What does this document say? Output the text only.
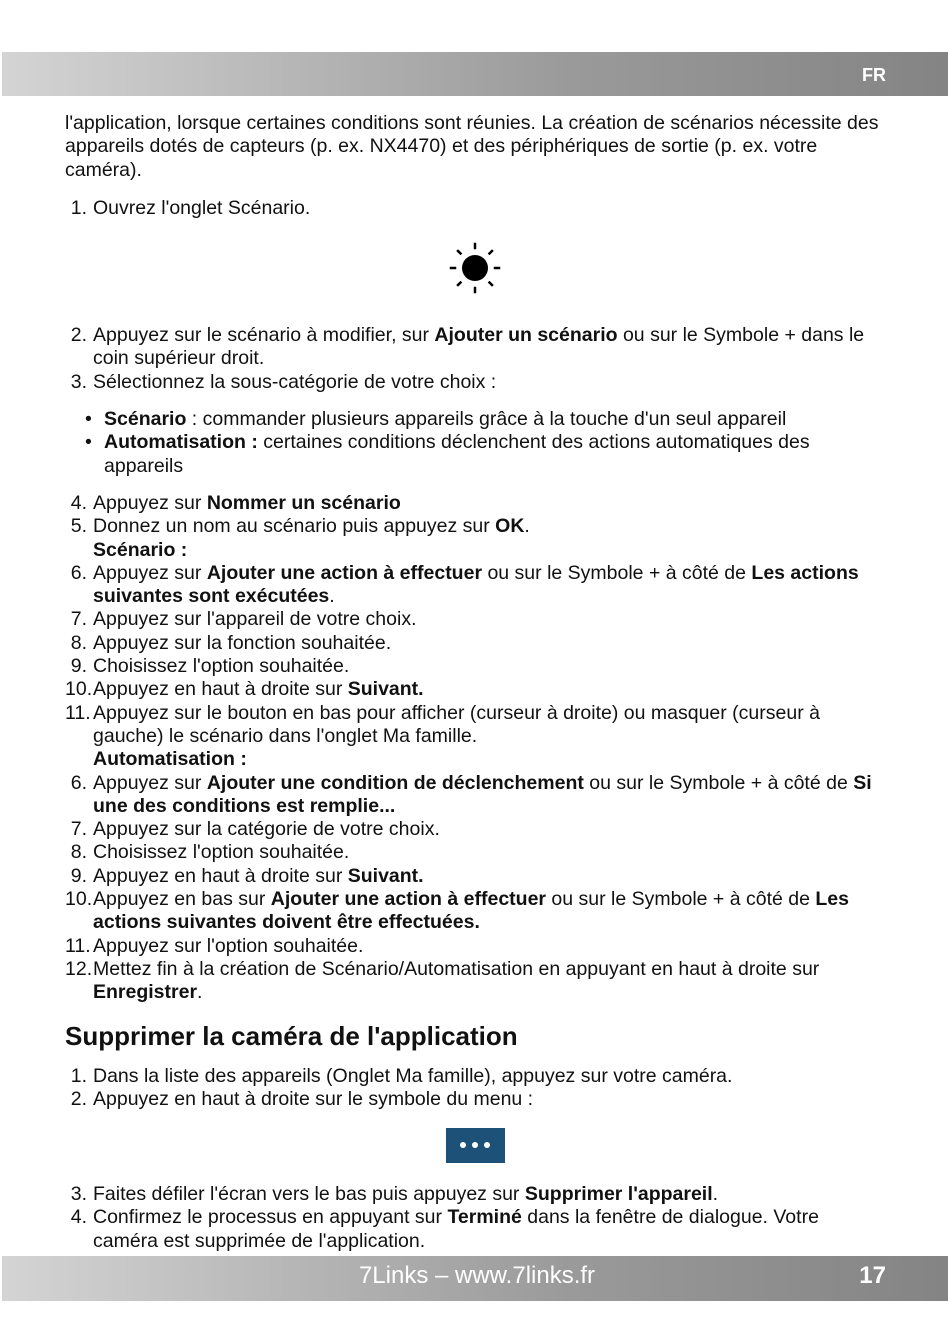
FR

l'application, lorsque certaines conditions sont réunies. La création de scénarios nécessite des appareils dotés de capteurs (p. ex. NX4470) et des périphériques de sortie (p. ex. votre caméra).

1. Ouvrez l'onglet Scénario.
2. Appuyez sur le scénario à modifier, sur Ajouter un scénario ou sur le Symbole + dans le coin supérieur droit.
3. Sélectionnez la sous-catégorie de votre choix :
• Scénario : commander plusieurs appareils grâce à la touche d'un seul appareil
• Automatisation : certaines conditions déclenchent des actions automatiques des appareils
4. Appuyez sur Nommer un scénario
5. Donnez un nom au scénario puis appuyez sur OK.
Scénario :
6. Appuyez sur Ajouter une action à effectuer ou sur le Symbole + à côté de Les actions suivantes sont exécutées.
7. Appuyez sur l'appareil de votre choix.
8. Appuyez sur la fonction souhaitée.
9. Choisissez l'option souhaitée.
10. Appuyez en haut à droite sur Suivant.
11. Appuyez sur le bouton en bas pour afficher (curseur à droite) ou masquer (curseur à gauche) le scénario dans l'onglet Ma famille.
Automatisation :
6. Appuyez sur Ajouter une condition de déclenchement ou sur le Symbole + à côté de Si une des conditions est remplie...
7. Appuyez sur la catégorie de votre choix.
8. Choisissez l'option souhaitée.
9. Appuyez en haut à droite sur Suivant.
10. Appuyez en bas sur Ajouter une action à effectuer ou sur le Symbole + à côté de Les actions suivantes doivent être effectuées.
11. Appuyez sur l'option souhaitée.
12. Mettez fin à la création de Scénario/Automatisation en appuyant en haut à droite sur Enregistrer.
Supprimer la caméra de l'application
1. Dans la liste des appareils (Onglet Ma famille), appuyez sur votre caméra.
2. Appuyez en haut à droite sur le symbole du menu :
3. Faites défiler l'écran vers le bas puis appuyez sur Supprimer l'appareil.
4. Confirmez le processus en appuyant sur Terminé dans la fenêtre de dialogue. Votre caméra est supprimée de l'application.
7Links – www.7links.fr	17
